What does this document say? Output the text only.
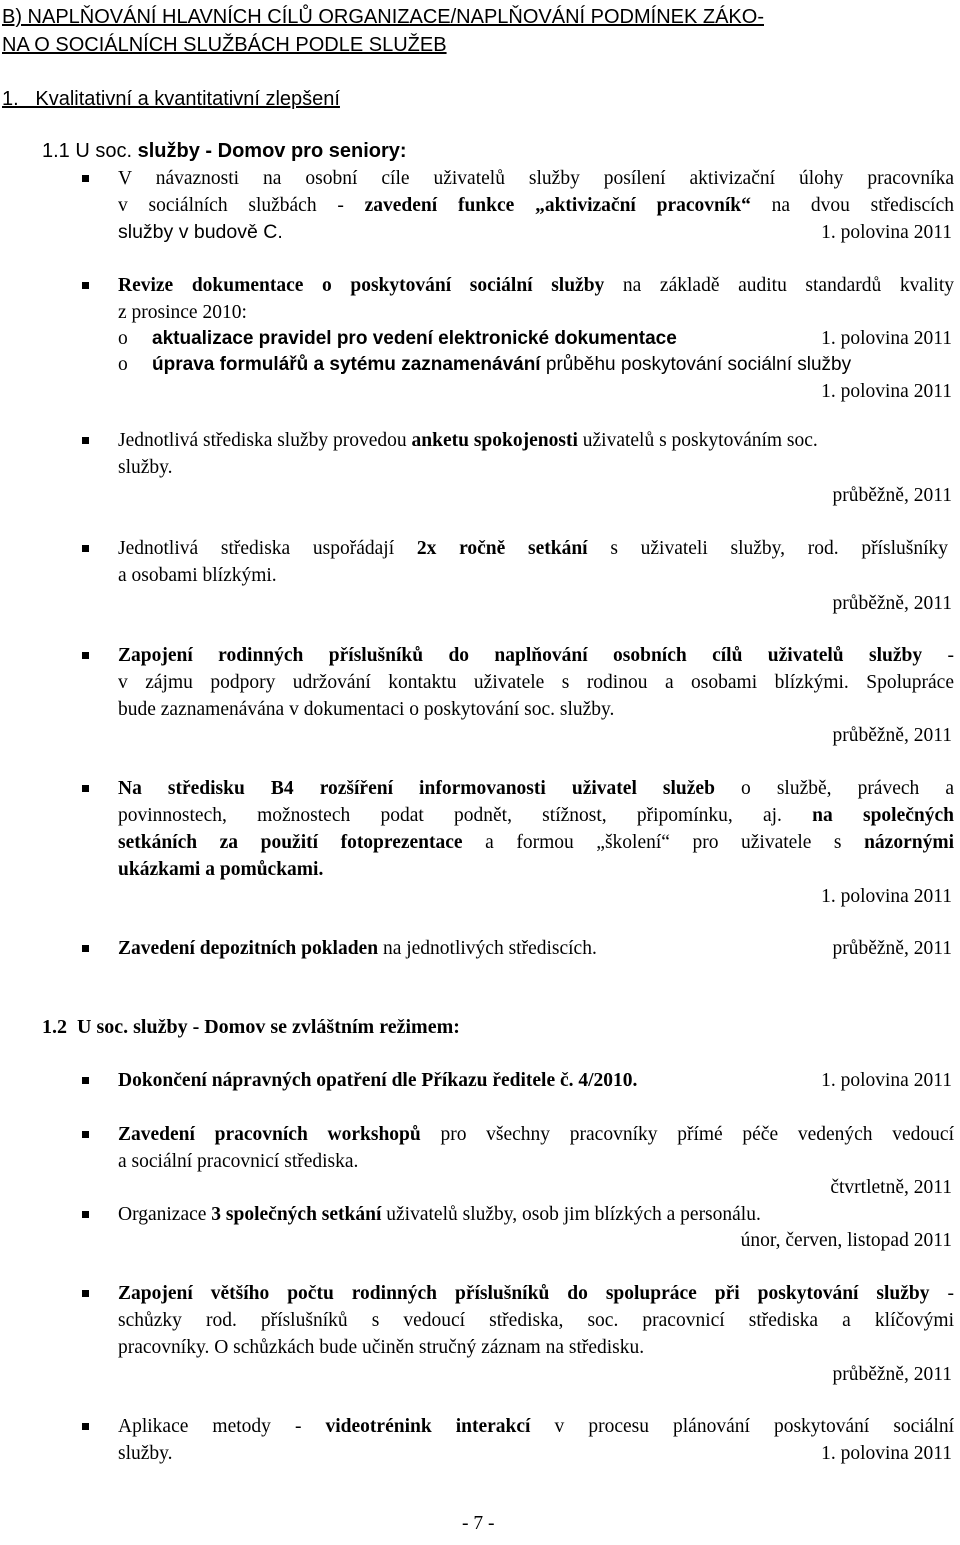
B) NAPLŇOVÁNÍ HLAVNÍCH CÍLŮ ORGANIZACE/NAPLŇOVÁNÍ PODMÍNEK ZÁKO-
NA O SOCIÁLNÍCH SLUŽBÁCH PODLE SLUŽEB
1.   Kvalitativní a kvantitativní zlepšení
1.1 U soc. služby - Domov pro seniory:
V návaznosti na osobní cíle uživatelů služby posílení aktivizační úlohy pracovníka
v sociálních službách - zavedení funkce „aktivizační pracovník“ na dvou střediscích
služby v budově C.	1. polovina 2011
Revize dokumentace o poskytování sociální služby na základě auditu standardů kvality
z prosince 2010:
o aktualizace pravidel pro vedení elektronické dokumentace	1. polovina 2011
o úprava formulářů a sytému zaznamenávání průběhu poskytování sociální služby
1. polovina 2011
Jednotlivá střediska služby provedou anketu spokojenosti uživatelů s poskytováním soc.
služby.
průběžně, 2011
Jednotlivá střediska uspořádají 2x ročně setkání s uživateli služby, rod. příslušníky
a osobami blízkými.
průběžně, 2011
Zapojení rodinných příslušníků do naplňování osobních cílů uživatelů služby -
v zájmu podpory udržování kontaktu uživatele s rodinou a osobami blízkými. Spolupráce
bude zaznamenávána v dokumentaci o poskytování soc. služby.
průběžně, 2011
Na středisku B4 rozšíření informovanosti uživatel služeb o službě, právech a
povinnostech, možnostech podat podnět, stížnost, připomínku, aj. na společných
setkáních za použití fotoprezentace a formou „školení“ pro uživatele s názornými
ukázkami a pomůckami.
1. polovina 2011
Zavedení depozitních pokladen na jednotlivých střediscích.	průběžně, 2011
1.2  U soc. služby - Domov se zvláštním režimem:
Dokončení nápravných opatření dle Příkazu ředitele č. 4/2010.	1. polovina 2011
Zavedení pracovních workshopů pro všechny pracovníky přímé péče vedených vedoucí
a sociální pracovnicí střediska.
čtvrtletně, 2011
Organizace 3 společných setkání uživatelů služby, osob jim blízkých a personálu.
únor, červen, listopad 2011
Zapojení většího počtu rodinných příslušníků do spolupráce při poskytování služby -
schůzky rod. příslušníků s vedoucí střediska, soc. pracovnicí střediska a klíčovými
pracovníky. O schůzkách bude učiněn stručný záznam na středisku.
průběžně, 2011
Aplikace metody - videotrénink interakcí v procesu plánování poskytování sociální
služby.	1. polovina 2011
- 7 -
